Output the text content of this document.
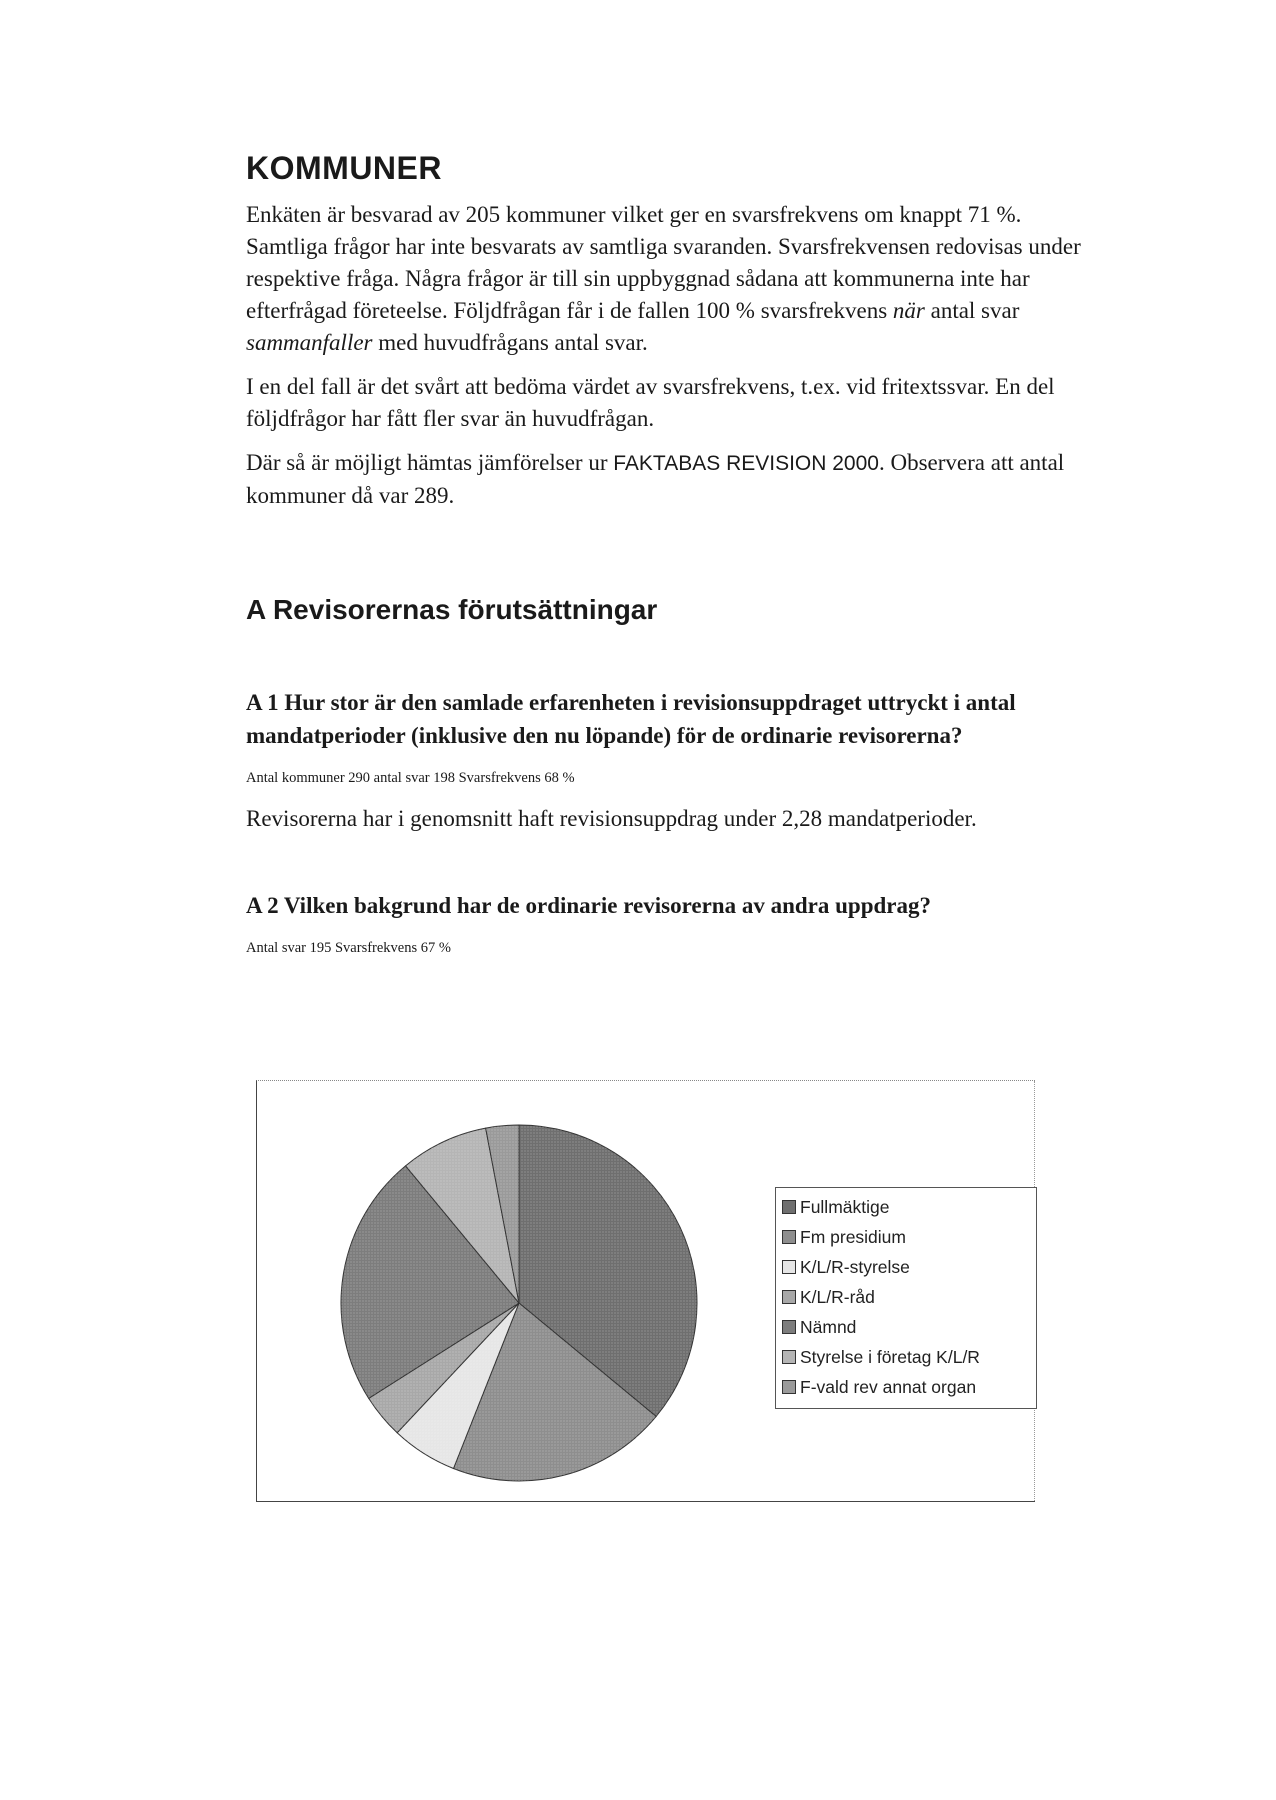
KOMMUNER

Enkäten är besvarad av 205 kommuner vilket ger en svarsfrekvens om knappt 71 %. Samtliga frågor har inte besvarats av samtliga svaranden. Svarsfrekvensen redovisas under respektive fråga. Några frågor är till sin uppbyggnad sådana att kommunerna inte har efterfrågad företeelse. Följdfrågan får i de fallen 100 % svarsfrekvens när antal svar sammanfaller med huvudfrågans antal svar.

I en del fall är det svårt att bedöma värdet av svarsfrekvens, t.ex. vid fritextssvar. En del följdfrågor har fått fler svar än huvudfrågan.

Där så är möjligt hämtas jämförelser ur FAKTABAS REVISION 2000. Observera att antal kommuner då var 289.

A Revisorernas förutsättningar
A 1 Hur stor är den samlade erfarenheten i revisionsuppdraget uttryckt i antal mandatperioder (inklusive den nu löpande) för de ordinarie revisorerna?
Antal kommuner 290 antal svar 198 Svarsfrekvens 68 %

Revisorerna har i genomsnitt haft revisionsuppdrag under 2,28 mandatperioder.

A 2 Vilken bakgrund har de ordinarie revisorerna av andra uppdrag?
Antal svar 195 Svarsfrekvens 67 %
Fullmäktige
Fm presidium
K/L/R-styrelse
K/L/R-råd
Nämnd
Styrelse i företag K/L/R
F-vald rev annat organ
